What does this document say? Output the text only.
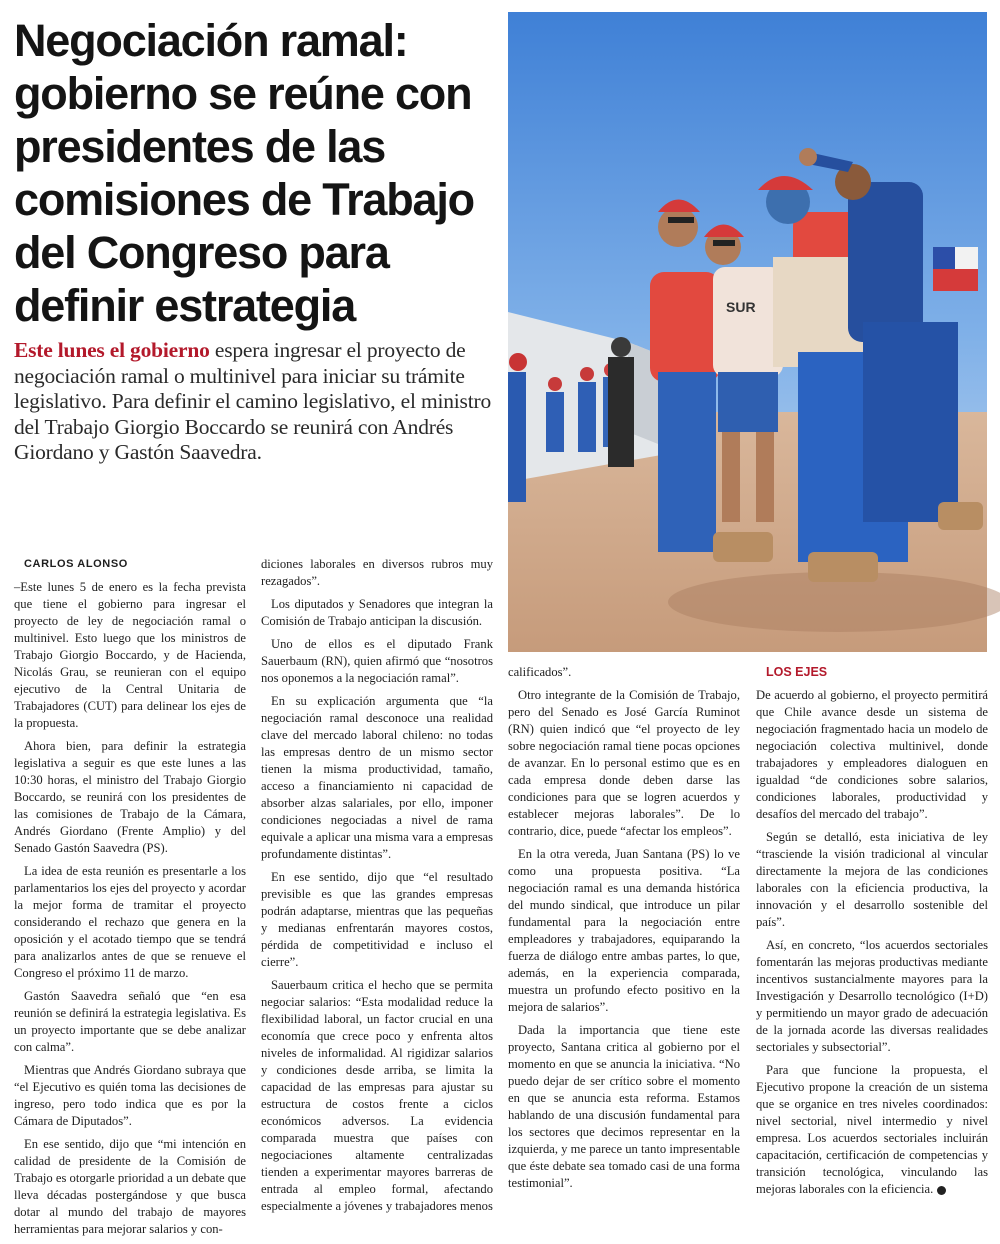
Negociación ramal: gobierno se reúne con presidentes de las comisiones de Trabajo del Congreso para definir estrategia	SUR

Este lunes el gobierno espera ingresar el proyecto de negociación ramal o multinivel para iniciar su trámite legislativo. Para definir el camino legislativo, el ministro del Trabajo Giorgio Boccardo se reunirá con Andrés Giordano y Gastón Saavedra.

CARLOS ALONSO

–Este lunes 5 de enero es la fecha prevista que tiene el gobierno para ingresar el proyecto de ley de negociación ramal o multinivel. Esto luego que los ministros de Trabajo Giorgio Boccardo, y de Hacienda, Nicolás Grau, se reunieran con el equipo ejecutivo de la Central Unitaria de Trabajadores (CUT) para delinear los ejes de la propuesta.

Ahora bien, para definir la estrategia legislativa a seguir es que este lunes a las 10:30 horas, el ministro del Trabajo Giorgio Boccardo, se reunirá con los presidentes de las comisiones de Trabajo de la Cámara, Andrés Giordano (Frente Amplio) y del Senado Gastón Saavedra (PS).

La idea de esta reunión es presentarle a los parlamentarios los ejes del proyecto y acordar la mejor forma de tramitar el proyecto considerando el rechazo que genera en la oposición y el acotado tiempo que se tendrá para analizarlos antes de que se renueve el Congreso el próximo 11 de marzo.

Gastón Saavedra señaló que “en esa reunión se definirá la estrategia legislativa. Es un proyecto importante que se debe analizar con calma”.

Mientras que Andrés Giordano subraya que “el Ejecutivo es quién toma las decisiones de ingreso, pero todo indica que es por la Cámara de Diputados”.

En ese sentido, dijo que “mi intención en calidad de presidente de la Comisión de Trabajo es otorgarle prioridad a un debate que lleva décadas postergándose y que busca dotar al mundo del trabajo de mayores herramientas para mejorar salarios y con-

diciones laborales en diversos rubros muy rezagados”.

Los diputados y Senadores que integran la Comisión de Trabajo anticipan la discusión.

Uno de ellos es el diputado Frank Sauerbaum (RN), quien afirmó que “nosotros nos oponemos a la negociación ramal”.

En su explicación argumenta que “la negociación ramal desconoce una realidad clave del mercado laboral chileno: no todas las empresas dentro de un mismo sector tienen la misma productividad, tamaño, acceso a financiamiento ni capacidad de absorber alzas salariales, por ello, imponer condiciones negociadas a nivel de rama equivale a aplicar una misma vara a empresas profundamente distintas”.

En ese sentido, dijo que “el resultado previsible es que las grandes empresas podrán adaptarse, mientras que las pequeñas y medianas enfrentarán mayores costos, pérdida de competitividad e incluso el cierre”.

Sauerbaum critica el hecho que se permita negociar salarios: “Esta modalidad reduce la flexibilidad laboral, un factor crucial en una economía que crece poco y enfrenta altos niveles de informalidad. Al rigidizar salarios y condiciones desde arriba, se limita la capacidad de las empresas para ajustar su estructura de costos frente a ciclos económicos adversos. La evidencia comparada muestra que países con negociaciones altamente centralizadas tienden a experimentar mayores barreras de entrada al empleo formal, afectando especialmente a jóvenes y trabajadores menos

calificados”.

Otro integrante de la Comisión de Trabajo, pero del Senado es José García Ruminot (RN) quien indicó que “el proyecto de ley sobre negociación ramal tiene pocas opciones de avanzar. En lo personal estimo que es en cada empresa donde deben darse las condiciones para que se logren acuerdos y establecer mejoras laborales”. De lo contrario, dice, puede “afectar los empleos”.

En la otra vereda, Juan Santana (PS) lo ve como una propuesta positiva. “La negociación ramal es una demanda histórica del mundo sindical, que introduce un pilar fundamental para la negociación entre empleadores y trabajadores, equiparando la fuerza de diálogo entre ambas partes, lo que, además, en la experiencia comparada, muestra un profundo efecto positivo en la mejora de salarios”.

Dada la importancia que tiene este proyecto, Santana critica al gobierno por el momento en que se anuncia la iniciativa. “No puedo dejar de ser crítico sobre el momento en que se anuncia esta reforma. Estamos hablando de una discusión fundamental para los sectores que decimos representar en la izquierda, y me parece un tanto impresentable que éste debate sea tomado casi de una forma testimonial”.

LOS EJES

De acuerdo al gobierno, el proyecto permitirá que Chile avance desde un sistema de negociación fragmentado hacia un modelo de negociación colectiva multinivel, donde trabajadores y empleadores dialoguen en igualdad “de condiciones sobre salarios, condiciones laborales, productividad y desafíos del mercado del trabajo”.

Según se detalló, esta iniciativa de ley “trasciende la visión tradicional al vincular directamente la mejora de las condiciones laborales con la eficiencia productiva, la innovación y el desarrollo sostenible del país”.

Así, en concreto, “los acuerdos sectoriales fomentarán las mejoras productivas mediante incentivos sustancialmente mayores para la Investigación y Desarrollo tecnológico (I+D) y permitiendo un mayor grado de adecuación de la jornada acorde las diversas realidades sectoriales y subsectorial”.

Para que funcione la propuesta, el Ejecutivo propone la creación de un sistema que se organice en tres niveles coordinados: nivel sectorial, nivel intermedio y nivel empresa. Los acuerdos sectoriales incluirán capacitación, certificación de competencias y transición tecnológica, vinculando las mejoras laborales con la eficiencia.
